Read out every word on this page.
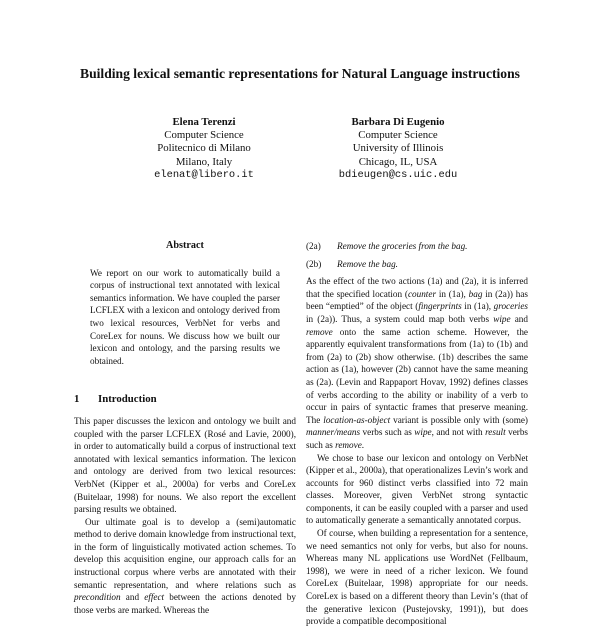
Building lexical semantic representations for Natural Language instructions
Elena Terenzi
Computer Science
Politecnico di Milano
Milano, Italy
elenat@libero.it
Barbara Di Eugenio
Computer Science
University of Illinois
Chicago, IL, USA
bdieugen@cs.uic.edu
Abstract

We report on our work to automatically build a corpus of instructional text annotated with lexical semantics information. We have coupled the parser LCFLEX with a lexicon and ontology derived from two lexical resources, VerbNet for verbs and CoreLex for nouns. We discuss how we built our lexicon and ontology, and the parsing results we obtained.

1 Introduction

This paper discusses the lexicon and ontology we built and coupled with the parser LCFLEX (Rosé and Lavie, 2000), in order to automatically build a corpus of instructional text annotated with lexical semantics information. The lexicon and ontology are derived from two lexical resources: VerbNet (Kipper et al., 2000a) for verbs and CoreLex (Buitelaar, 1998) for nouns. We also report the excellent parsing results we obtained.

Our ultimate goal is to develop a (semi)automatic method to derive domain knowledge from instructional text, in the form of linguistically motivated action schemes. To develop this acquisition engine, our approach calls for an instructional corpus where verbs are annotated with their semantic representation, and where relations such as precondition and effect between the actions denoted by those verbs are marked. Whereas the

(2a) Remove the groceries from the bag.

(2b) Remove the bag.

As the effect of the two actions (1a) and (2a), it is inferred that the specified location (counter in (1a), bag in (2a)) has been “emptied” of the object (fingerprints in (1a), groceries in (2a)). Thus, a system could map both verbs wipe and remove onto the same action scheme. However, the apparently equivalent transformations from (1a) to (1b) and from (2a) to (2b) show otherwise. (1b) describes the same action as (1a), however (2b) cannot have the same meaning as (2a). (Levin and Rappaport Hovav, 1992) defines classes of verbs according to the ability or inability of a verb to occur in pairs of syntactic frames that preserve meaning. The location-as-object variant is possible only with (some) manner/means verbs such as wipe, and not with result verbs such as remove.

We chose to base our lexicon and ontology on VerbNet (Kipper et al., 2000a), that operationalizes Levin’s work and accounts for 960 distinct verbs classified into 72 main classes. Moreover, given VerbNet strong syntactic components, it can be easily coupled with a parser and used to automatically generate a semantically annotated corpus.

Of course, when building a representation for a sentence, we need semantics not only for verbs, but also for nouns. Whereas many NL applications use WordNet (Fellbaum, 1998), we were in need of a richer lexicon. We found CoreLex (Buitelaar, 1998) appropriate for our needs. CoreLex is based on a different theory than Levin’s (that of the generative lexicon (Pustejovsky, 1991)), but does provide a compatible decompositional
